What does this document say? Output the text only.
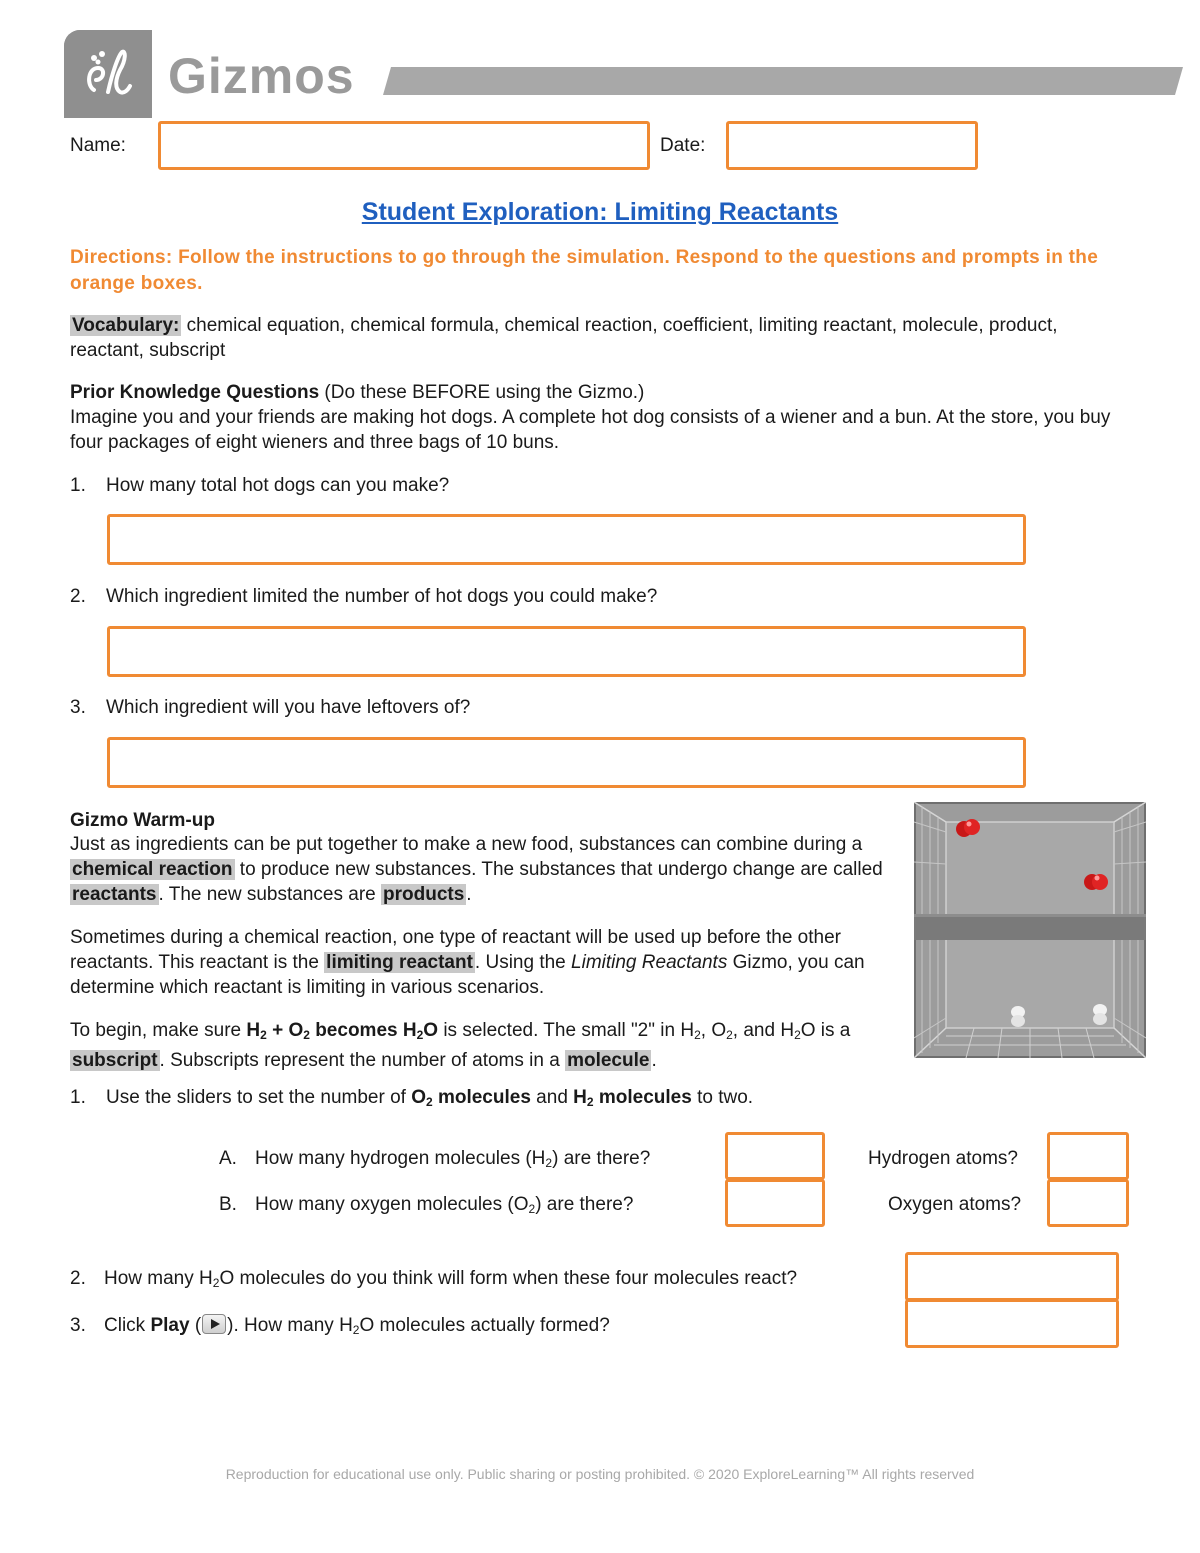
Gizmos
Name:	Date:
Student Exploration: Limiting Reactants
Directions: Follow the instructions to go through the simulation. Respond to the questions and prompts in the orange boxes.
Vocabulary: chemical equation, chemical formula, chemical reaction, coefficient, limiting reactant, molecule, product, reactant, subscript
Prior Knowledge Questions (Do these BEFORE using the Gizmo.)
Imagine you and your friends are making hot dogs. A complete hot dog consists of a wiener and a bun. At the store, you buy four packages of eight wieners and three bags of 10 buns.
1. How many total hot dogs can you make?
2. Which ingredient limited the number of hot dogs you could make?
3. Which ingredient will you have leftovers of?
Gizmo Warm-up
Just as ingredients can be put together to make a new food, substances can combine during a chemical reaction to produce new substances. The substances that undergo change are called reactants . The new substances are products .
Sometimes during a chemical reaction, one type of reactant will be used up before the other reactants. This reactant is the limiting reactant . Using the Limiting Reactants Gizmo, you can determine which reactant is limiting in various scenarios.
To begin, make sure $H_2 + O_2$ becomes $H_2O$ is selected. The small "2" in $H_2$, $O_2$, and $H_2O$ is a subscript . Subscripts represent the number of atoms in a molecule .
1. Use the sliders to set the number of $O_2$ molecules and $H_2$ molecules to two.
A. How many hydrogen molecules $(H_2)$ are there?	Hydrogen atoms?
B. How many oxygen molecules $(O_2)$ are there?	Oxygen atoms?
2. How many $H_2O$ molecules do you think will form when these four molecules react?
3. Click Play ( ). How many $H_2O$ molecules actually formed?
Reproduction for educational use only. Public sharing or posting prohibited. © 2020 ExploreLearning™ All rights reserved
